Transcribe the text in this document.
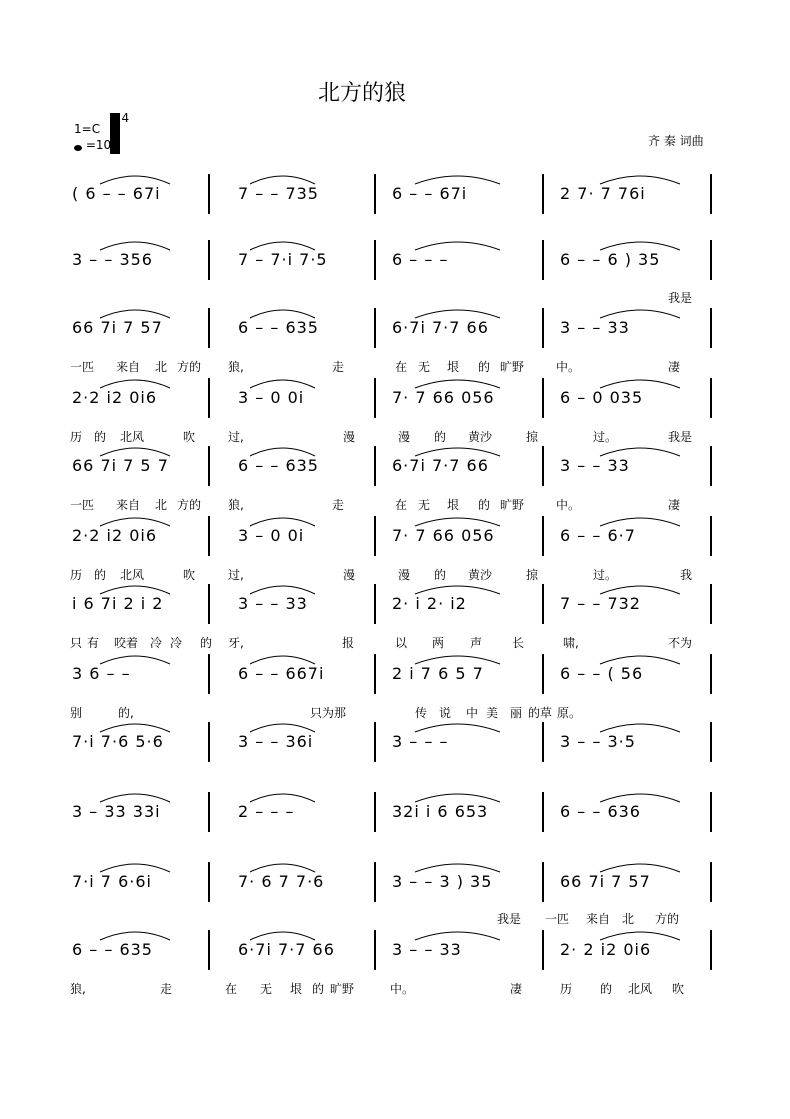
北方的狼
1=C
4
=100	齐 秦 词曲
( 6 – – 67i	7 – – 735	6 – – 67i	2 7· 7 76i
3 – – 356	7 – 7·i 7·5	6 – – –	6 – – 6 ) 35
我是
66 7i 7 57	6 – – 635	6·7i 7·7 66	3 – – 33
一匹 来自 北 方的 狼,	走	在 无 垠 的 旷野	中。	凄
2·2 i2 0i6	3 – 0 0i	7· 7 66 056	6 – 0 035
历 的 北风	吹	过,	漫	漫 的 黄沙	掠	过。	我是
66 7i 7 5 7	6 – – 635	6·7i 7·7 66	3 – – 33
一匹 来自 北 方的 狼,	走	在 无 垠 的 旷野	中。	凄
2·2 i2 0i6	3 – 0 0i	7· 7 66 056	6 – – 6·7
历 的 北风	吹	过,	漫	漫 的 黄沙	掠	过。	我
i 6 7i 2 i 2	3 – – 33	2· i 2· i2	7 – – 732
只 有 咬着 冷 冷 的 牙,	报	以 两 声 长	啸,	不为
3 6 – –	6 – – 667i	2 i 7 6 5 7	6 – – ( 56
别	的,	只为那	传 说 中 美 丽 的草 原。
7·i 7·6 5·6	3 – – 36i	3 – – –	3 – – 3·5
3 – 33 33i	2 – – –	32i i 6 653	6 – – 636
7·i 7 6·6i	7· 6 7 7·6	3 – – 3 ) 35	66 7i 7 57
我是 一匹 来自 北 方的
6 – – 635	6·7i 7·7 66	3 – – 33	2· 2 i2 0i6
狼,	走	在 无 垠 的 旷野	中。	凄	历 的 北风 吹
